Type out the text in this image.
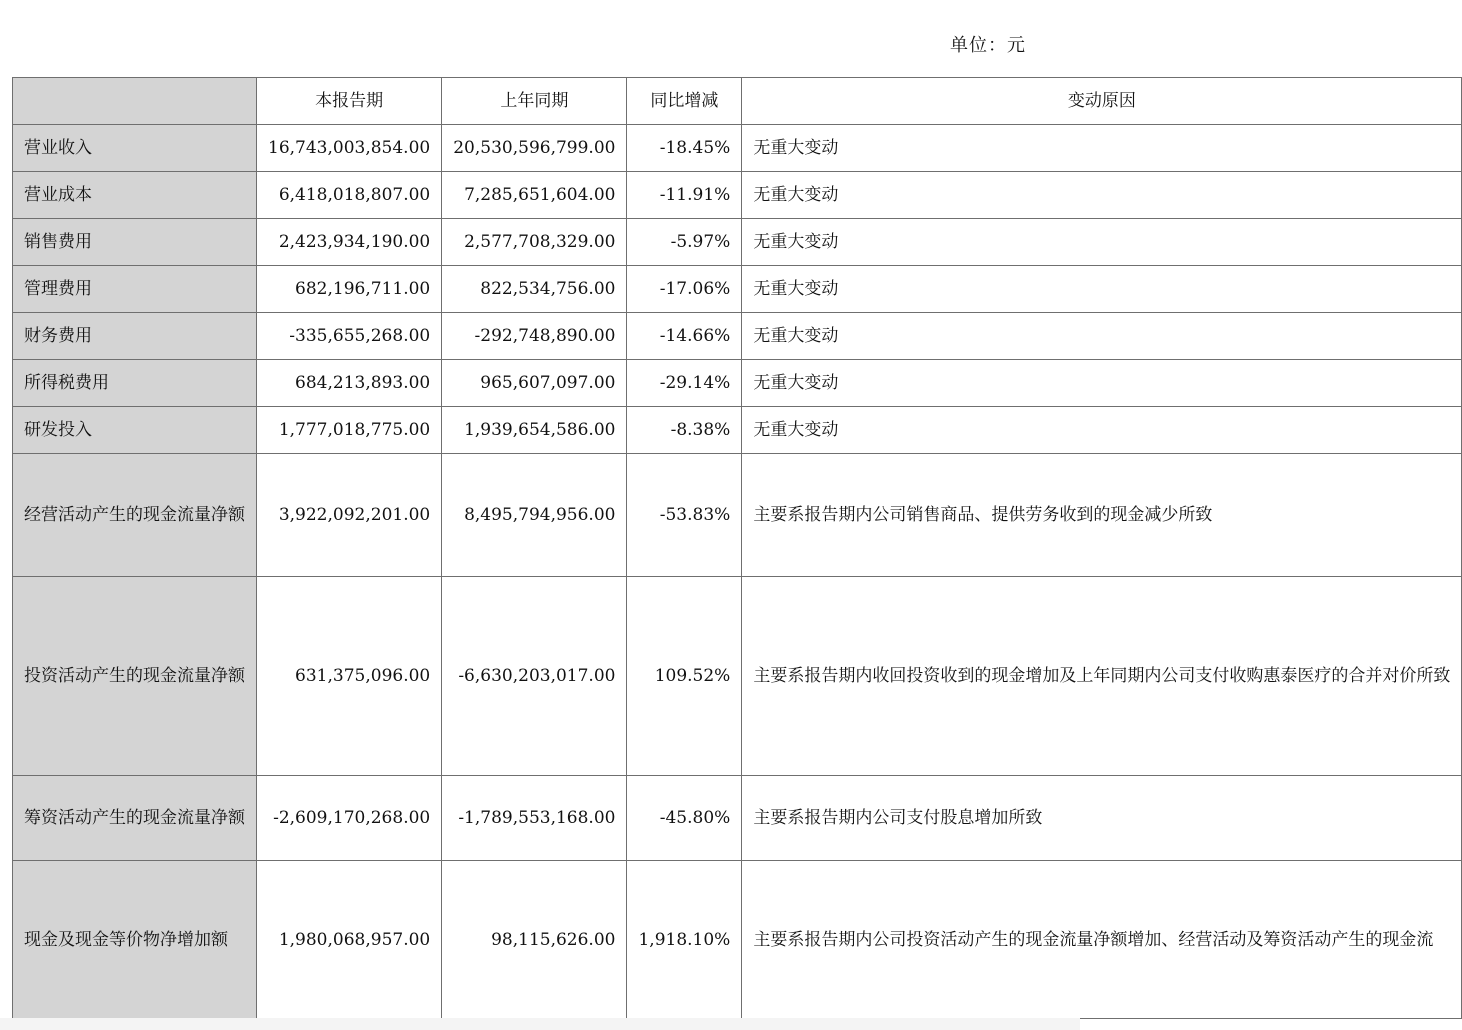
单位：元
	本报告期	上年同期	同比增减	变动原因
营业收入	16,743,003,854.00	20,530,596,799.00	-18.45%	无重大变动
营业成本	6,418,018,807.00	7,285,651,604.00	-11.91%	无重大变动
销售费用	2,423,934,190.00	2,577,708,329.00	-5.97%	无重大变动
管理费用	682,196,711.00	822,534,756.00	-17.06%	无重大变动
财务费用	-335,655,268.00	-292,748,890.00	-14.66%	无重大变动
所得税费用	684,213,893.00	965,607,097.00	-29.14%	无重大变动
研发投入	1,777,018,775.00	1,939,654,586.00	-8.38%	无重大变动
经营活动产生的现金流量净额	3,922,092,201.00	8,495,794,956.00	-53.83%	主要系报告期内公司销售商品、提供劳务收到的现金减少所致
投资活动产生的现金流量净额	631,375,096.00	-6,630,203,017.00	109.52%	主要系报告期内收回投资收到的现金增加及上年同期内公司支付收购惠泰医疗的合并对价所致
筹资活动产生的现金流量净额	-2,609,170,268.00	-1,789,553,168.00	-45.80%	主要系报告期内公司支付股息增加所致
现金及现金等价物净增加额	1,980,068,957.00	98,115,626.00	1,918.10%	主要系报告期内公司投资活动产生的现金流量净额增加、经营活动及筹资活动产生的现金流
